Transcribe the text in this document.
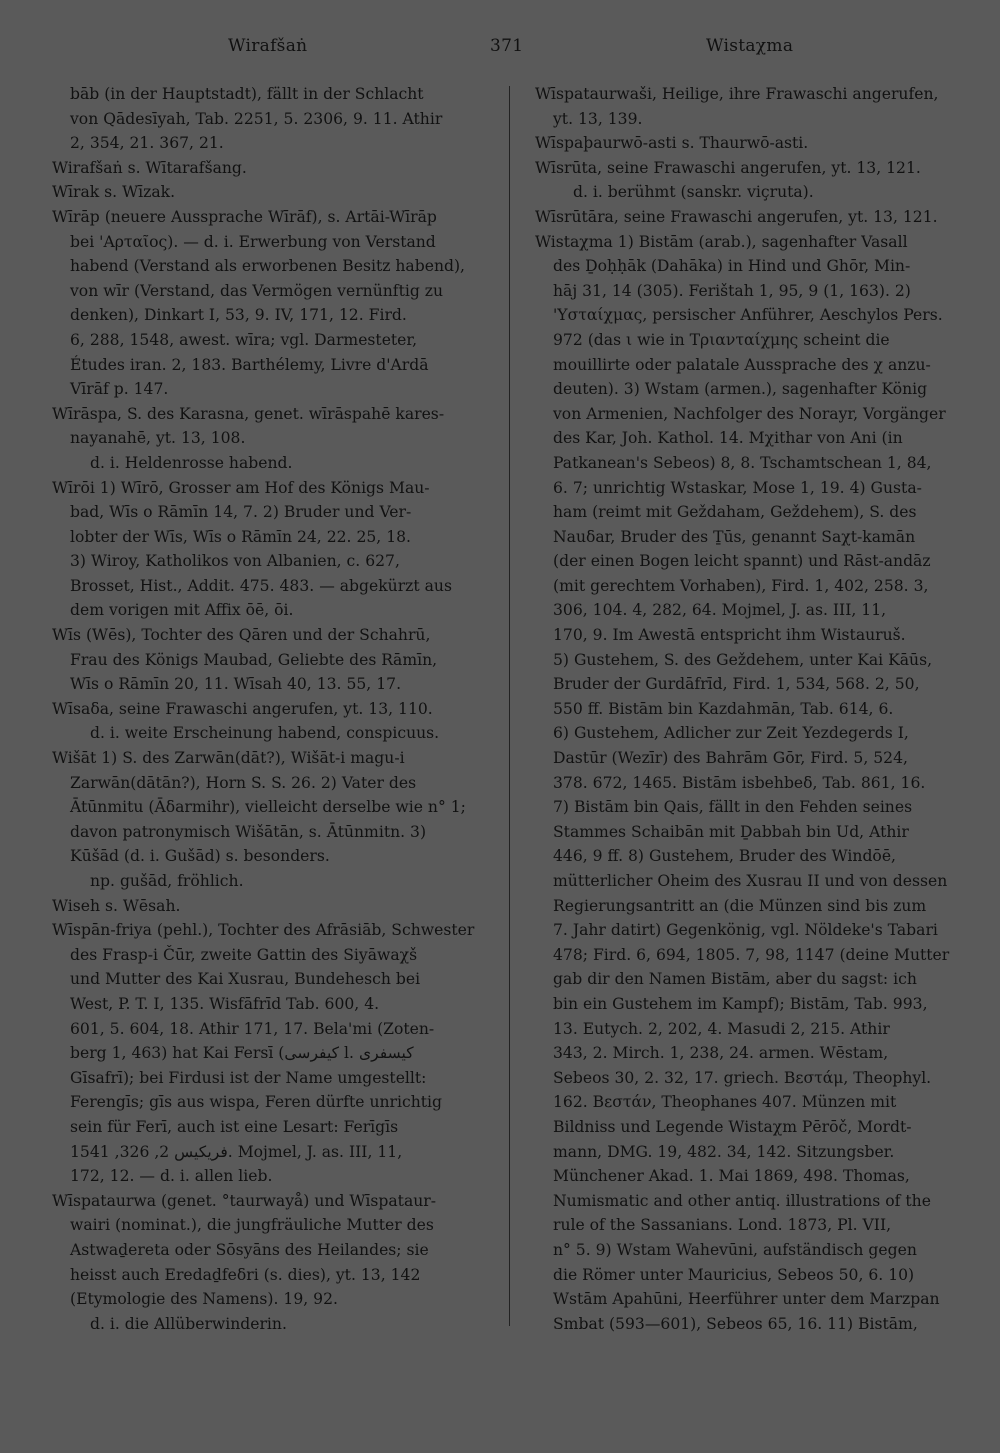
Wirafšaṅ	371	Wistaχma
bāb (in der Hauptstadt), fällt in der Schlacht
von Qādesīyah, Tab. 2251, 5. 2306, 9. 11. Athir
2, 354, 21. 367, 21.
Wirafšaṅ s. Wītarafšang.
Wīrak s. Wīzak.
Wīrāp (neuere Aussprache Wīrāf), s. Artāi-Wīrāp
bei 'Αρταῖος). — d. i. Erwerbung von Verstand
habend (Verstand als erworbenen Besitz habend),
von wīr (Verstand, das Vermögen vernünftig zu
denken), Dinkart I, 53, 9. IV, 171, 12. Fird.
6, 288, 1548, awest. wīra; vgl. Darmesteter,
Études iran. 2, 183. Barthélemy, Livre d'Ardā
Vīrāf p. 147.
Wīrāspa, S. des Karasna, genet. wīrāspahē kares-
nayanahē, yt. 13, 108.
d. i. Heldenrosse habend.
Wīrōi 1) Wīrō, Grosser am Hof des Königs Mau-
bad, Wīs o Rāmīn 14, 7. 2) Bruder und Ver-
lobter der Wīs, Wīs o Rāmīn 24, 22. 25, 18.
3) Wiroy, Katholikos von Albanien, c. 627,
Brosset, Hist., Addit. 475. 483. — abgekürzt aus
dem vorigen mit Affix ōē, ōi.
Wīs (Wēs), Tochter des Qāren und der Schahrū,
Frau des Königs Maubad, Geliebte des Rāmīn,
Wīs o Rāmīn 20, 11. Wīsah 40, 13. 55, 17.
Wīsaδa, seine Frawaschi angerufen, yt. 13, 110.
d. i. weite Erscheinung habend, conspicuus.
Wišāt 1) S. des Zarwān(dāt?), Wišāt-i magu-i
Zarwān(dātān?), Horn S. S. 26. 2) Vater des
Ātūnmitu (Āδarmihr), vielleicht derselbe wie n° 1;
davon patronymisch Wišātān, s. Ātūnmitn. 3)
Kūšād (d. i. Gušād) s. besonders.
np. gušād, fröhlich.
Wiseh s. Wēsah.
Wīspān-friya (pehl.), Tochter des Afrāsiāb, Schwester
des Frasp-i Čūr, zweite Gattin des Siyāwaχš
und Mutter des Kai Xusrau, Bundehesch bei
West, P. T. I, 135. Wisfāfrīd Tab. 600, 4.
601, 5. 604, 18. Athir 171, 17. Bela'mi (Zoten-
berg 1, 463) hat Kai Fersī (كيفرسى l. كيسفرى
Gīsafrī); bei Firdusi ist der Name umgestellt:
Ferengīs; gīs aus wispa, Feren dürfte unrichtig
sein für Ferī, auch ist eine Lesart: Ferīgīs
فريكيس 2, 326, 1541. Mojmel, J. as. III, 11,
172, 12. — d. i. allen lieb.
Wīspataurwa (genet. °taurwayå) und Wīspataur-
wairi (nominat.), die jungfräuliche Mutter des
Astwaḏereta oder Sōsyāns des Heilandes; sie
heisst auch Eredaḏfeδri (s. dies), yt. 13, 142
(Etymologie des Namens). 19, 92.
d. i. die Allüberwinderin.
Wīspataurwaši, Heilige, ihre Frawaschi angerufen,
yt. 13, 139.
Wīspaþaurwō-asti s. Thaurwō-asti.
Wīsrūta, seine Frawaschi angerufen, yt. 13, 121.
d. i. berühmt (sanskr. viçruta).
Wīsrūtāra, seine Frawaschi angerufen, yt. 13, 121.
Wistaχma 1) Bistām (arab.), sagenhafter Vasall
des Ḏoḥḥāk (Dahāka) in Hind und Ghōr, Min-
hāj 31, 14 (305). Ferištah 1, 95, 9 (1, 163). 2)
'Υσταίχμας, persischer Anführer, Aeschylos Pers.
972 (das ι wie in Τριανταίχμης scheint die
mouillirte oder palatale Aussprache des χ anzu-
deuten). 3) Wstam (armen.), sagenhafter König
von Armenien, Nachfolger des Norayr, Vorgänger
des Kar, Joh. Kathol. 14. Mχithar von Ani (in
Patkanean's Sebeos) 8, 8. Tschamtschean 1, 84,
6. 7; unrichtig Wstaskar, Mose 1, 19. 4) Gusta-
ham (reimt mit Geždaham, Geždehem), S. des
Nauδar, Bruder des Ṯūs, genannt Saχt-kamān
(der einen Bogen leicht spannt) und Rāst-andāz
(mit gerechtem Vorhaben), Fird. 1, 402, 258. 3,
306, 104. 4, 282, 64. Mojmel, J. as. III, 11,
170, 9. Im Awestā entspricht ihm Wistauruš.
5) Gustehem, S. des Geždehem, unter Kai Kāūs,
Bruder der Gurdāfrīd, Fird. 1, 534, 568. 2, 50,
550 ff. Bistām bin Kazdahmān, Tab. 614, 6.
6) Gustehem, Adlicher zur Zeit Yezdegerds I,
Dastūr (Wezīr) des Bahrām Gōr, Fird. 5, 524,
378. 672, 1465. Bistām isbehbeδ, Tab. 861, 16.
7) Bistām bin Qais, fällt in den Fehden seines
Stammes Schaibān mit Ḏabbah bin Ud, Athir
446, 9 ff. 8) Gustehem, Bruder des Windōē,
mütterlicher Oheim des Xusrau II und von dessen
Regierungsantritt an (die Münzen sind bis zum
7. Jahr datirt) Gegenkönig, vgl. Nöldeke's Tabari
478; Fird. 6, 694, 1805. 7, 98, 1147 (deine Mutter
gab dir den Namen Bistām, aber du sagst: ich
bin ein Gustehem im Kampf); Bistām, Tab. 993,
13. Eutych. 2, 202, 4. Masudi 2, 215. Athir
343, 2. Mirch. 1, 238, 24. armen. Wēstam,
Sebeos 30, 2. 32, 17. griech. Βεστάμ, Theophyl.
162. Βεστάν, Theophanes 407. Münzen mit
Bildniss und Legende Wistaχm Pērōč, Mordt-
mann, DMG. 19, 482. 34, 142. Sitzungsber.
Münchener Akad. 1. Mai 1869, 498. Thomas,
Numismatic and other antiq. illustrations of the
rule of the Sassanians. Lond. 1873, Pl. VII,
n° 5. 9) Wstam Wahevūni, aufständisch gegen
die Römer unter Mauricius, Sebeos 50, 6. 10)
Wstām Apahūni, Heerführer unter dem Marzpan
Smbat (593—601), Sebeos 65, 16. 11) Bistām,
